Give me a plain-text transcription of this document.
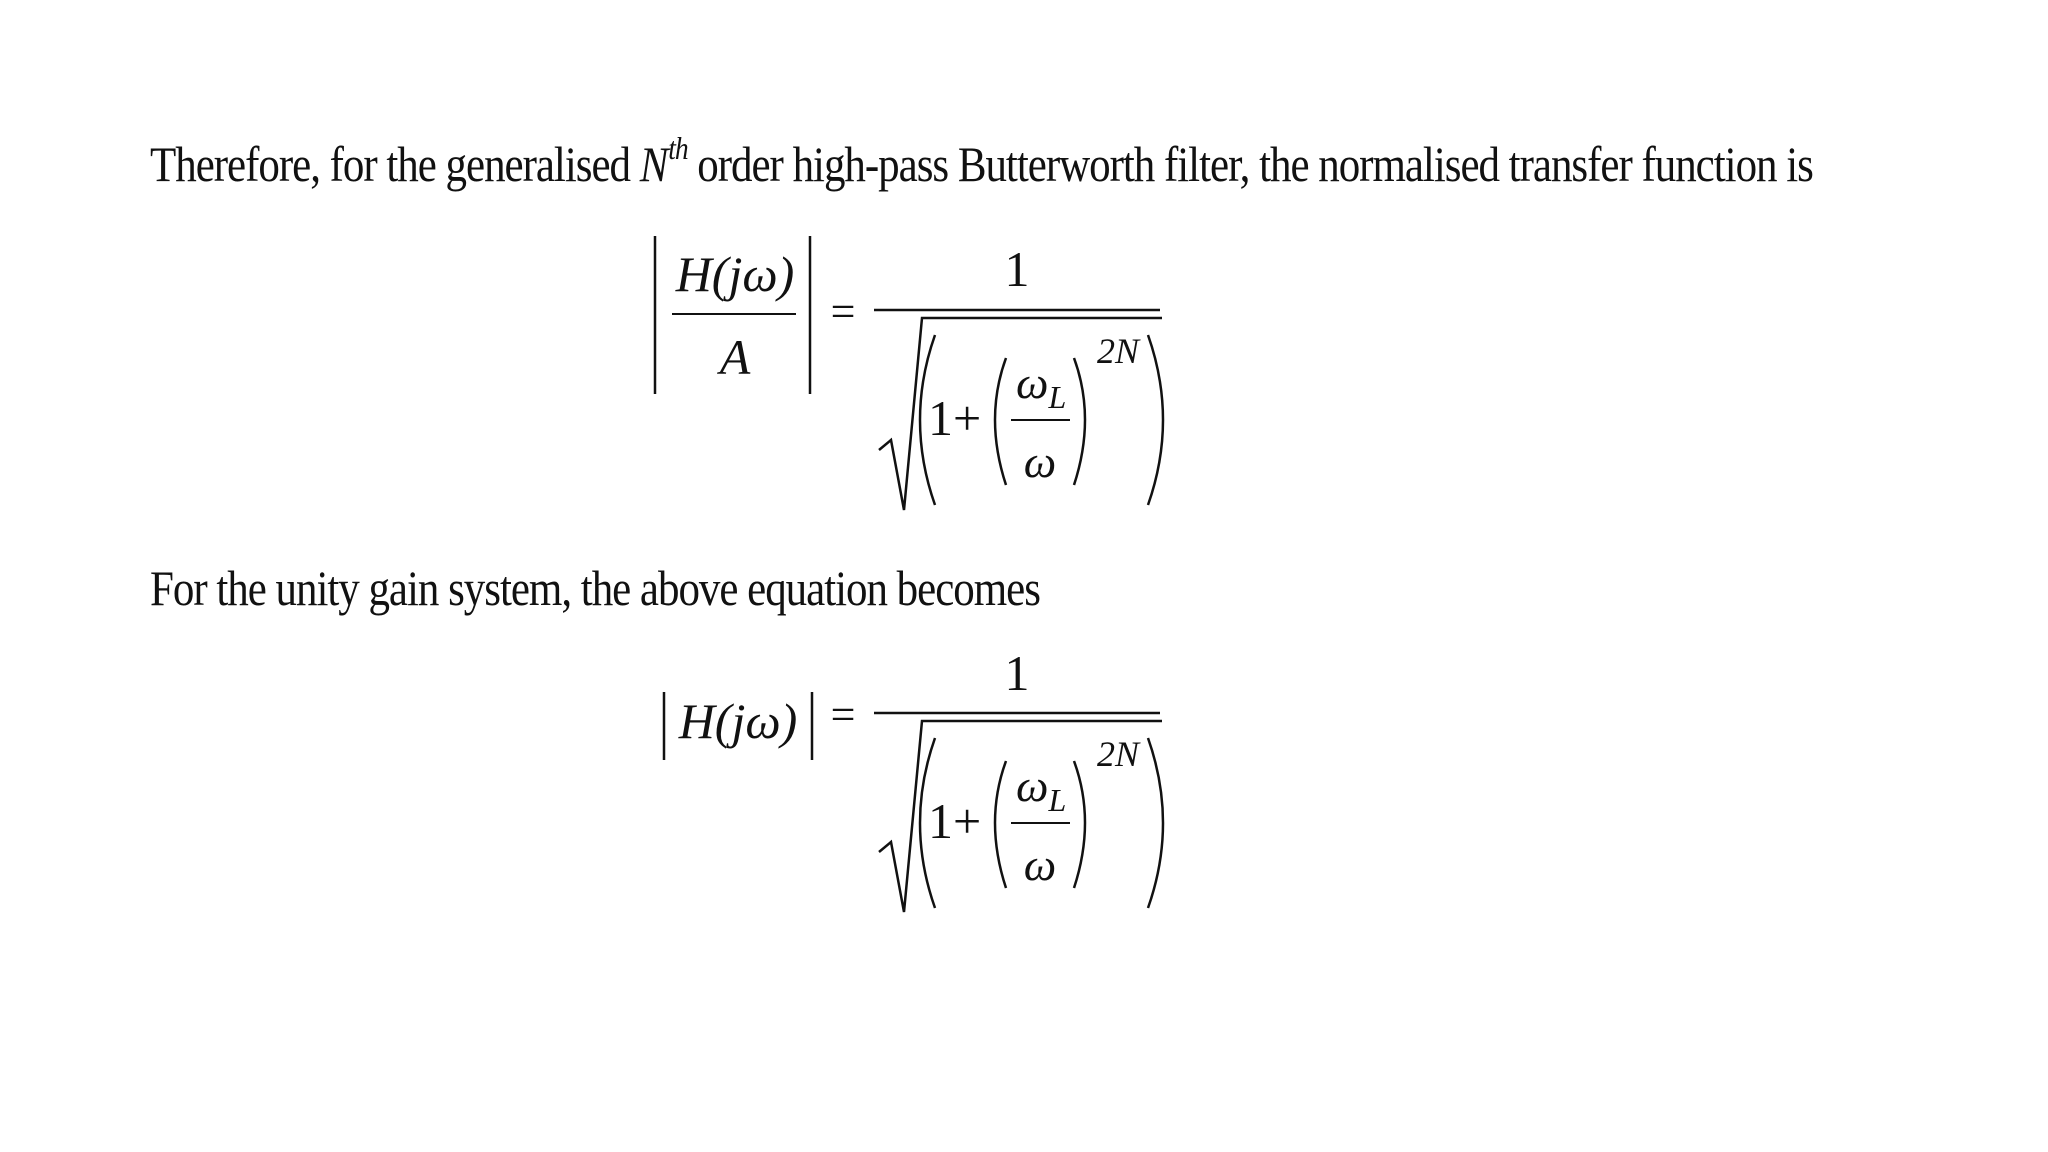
Therefore, for the generalised $N^{th}$ order high-pass Butterworth filter, the normalised transfer function is
H(jω)
A
=
1
1+
$\omega_L$
ω
2N
For the unity gain system, the above equation becomes
H(jω) =
1
1+
$\omega_L$
ω
2N
